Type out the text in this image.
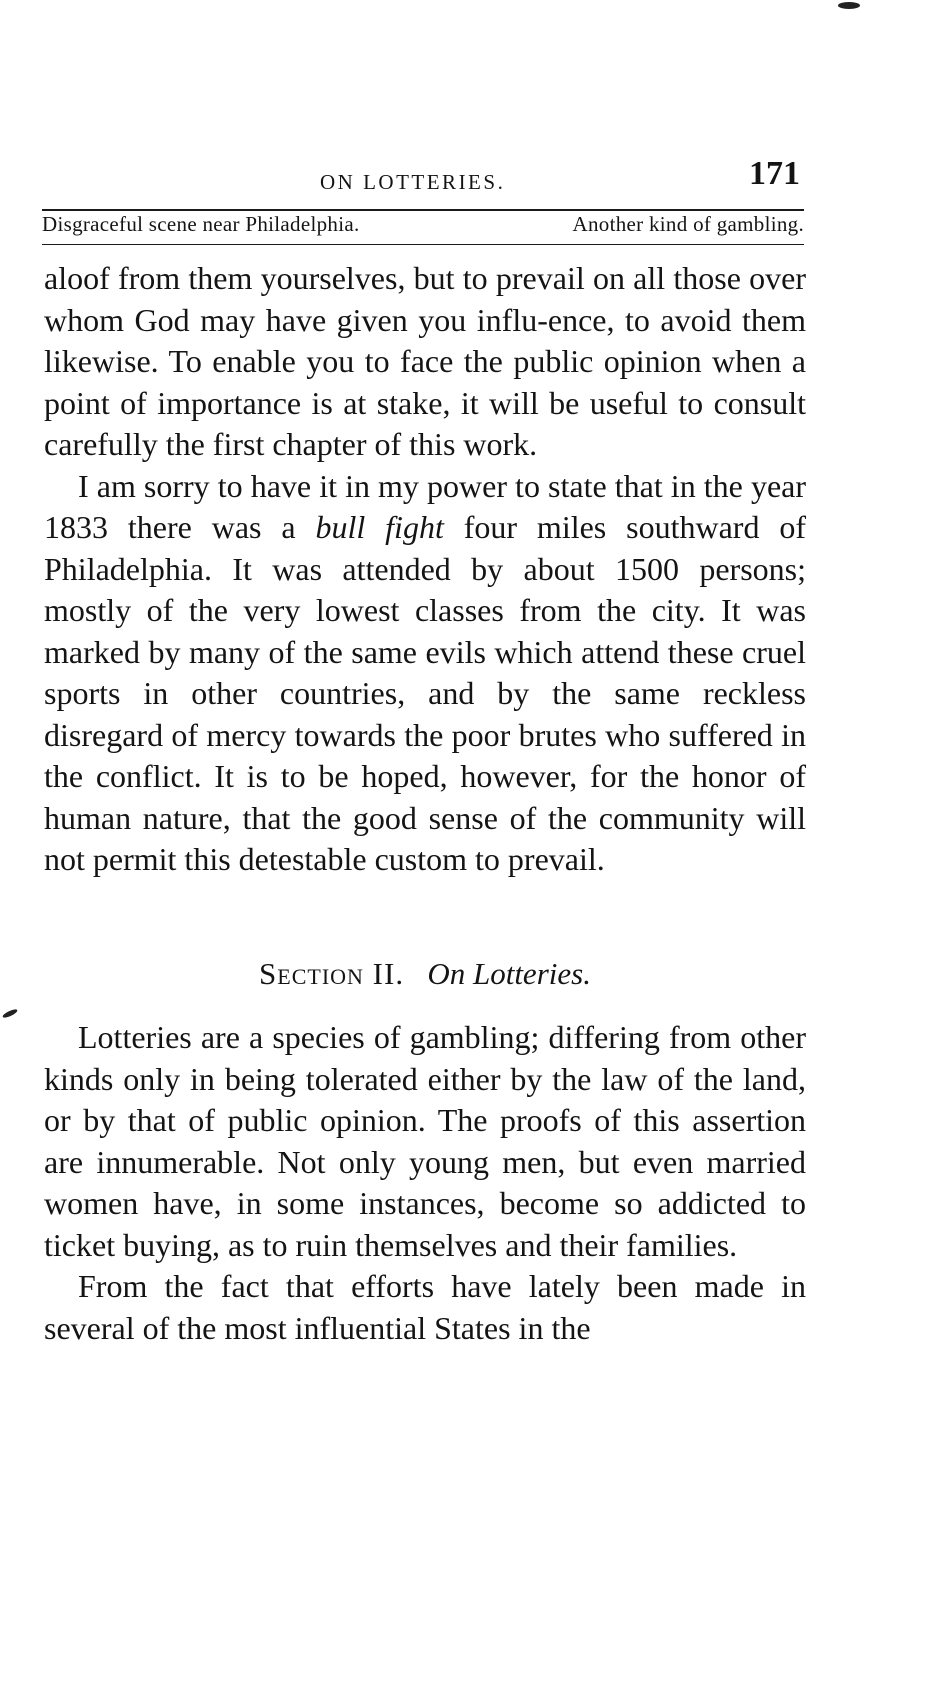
ON LOTTERIES.	171
Disgraceful scene near Philadelphia.	Another kind of gambling.

aloof from them yourselves, but to prevail on all those over whom God may have given you influ-ence, to avoid them likewise. To enable you to face the public opinion when a point of importance is at stake, it will be useful to consult carefully the first chapter of this work.

I am sorry to have it in my power to state that in the year 1833 there was a bull fight four miles southward of Philadelphia. It was attended by about 1500 persons; mostly of the very lowest classes from the city. It was marked by many of the same evils which attend these cruel sports in other countries, and by the same reckless disregard of mercy towards the poor brutes who suffered in the conflict. It is to be hoped, however, for the honor of human nature, that the good sense of the community will not permit this detestable custom to prevail.

Section II. On Lotteries.

Lotteries are a species of gambling; differing from other kinds only in being tolerated either by the law of the land, or by that of public opinion. The proofs of this assertion are innumerable. Not only young men, but even married women have, in some instances, become so addicted to ticket buying, as to ruin themselves and their families.

From the fact that efforts have lately been made in several of the most influential States in the
